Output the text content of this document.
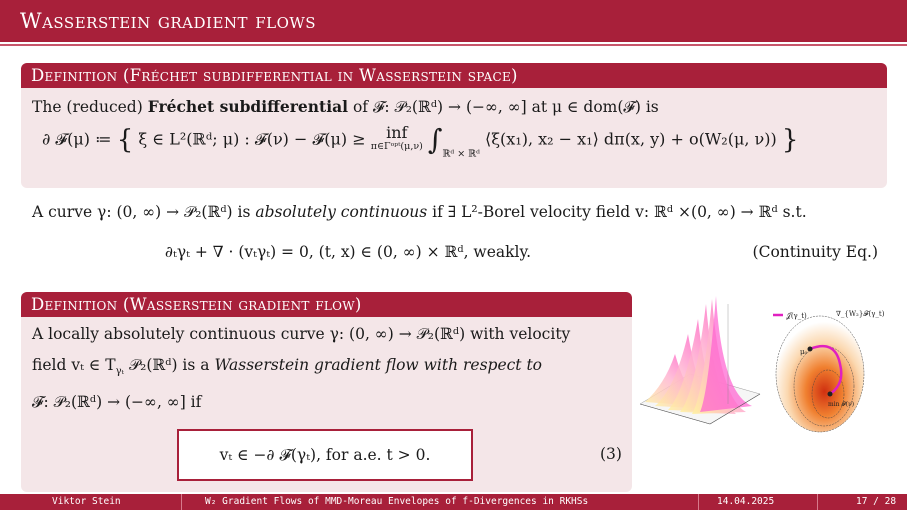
Wasserstein gradient flows
Definition (Fréchet subdifferential in Wasserstein space)
The (reduced) Fréchet subdifferential of 𝓕: 𝒫₂(ℝᵈ) → (−∞, ∞] at μ ∈ dom(𝓕) is
∂ 𝓕(μ) ≔ { ξ ∈ L²(ℝᵈ; μ) : 𝓕(ν) − 𝓕(μ) ≥ inf
π∈Γᵒᵖᵗ(μ,ν) $\int_{ℝᵈ \times ℝᵈ}$ ⟨ξ(x₁), x₂ − x₁⟩ dπ(x, y) + o(W₂(μ, ν)) }
A curve γ: (0, ∞) → 𝒫₂(ℝᵈ) is absolutely continuous if ∃ L²-Borel velocity field v: ℝᵈ ×(0, ∞) → ℝᵈ s.t.
∂ₜγₜ + ∇ · (vₜγₜ) = 0, (t, x) ∈ (0, ∞) × ℝᵈ, weakly.	(Continuity Eq.)
Definition (Wasserstein gradient flow)
A locally absolutely continuous curve γ: (0, ∞) → 𝒫₂(ℝᵈ) with velocity
field vₜ ∈ $T_{\gamma_t}$ 𝒫₂(ℝᵈ) is a Wasserstein gradient flow with respect to
𝓕: 𝒫₂(ℝᵈ) → (−∞, ∞] if
vₜ ∈ −∂ 𝓕(γₜ), for a.e. t > 0.	(3)
𝒥(γ_t)	∇_{W₂}𝓕(γ_t)
μ₀
min 𝓕(ν)
Viktor Stein	W₂ Gradient Flows of MMD-Moreau Envelopes of f-Divergences in RKHSs	14.04.2025	17 / 28
